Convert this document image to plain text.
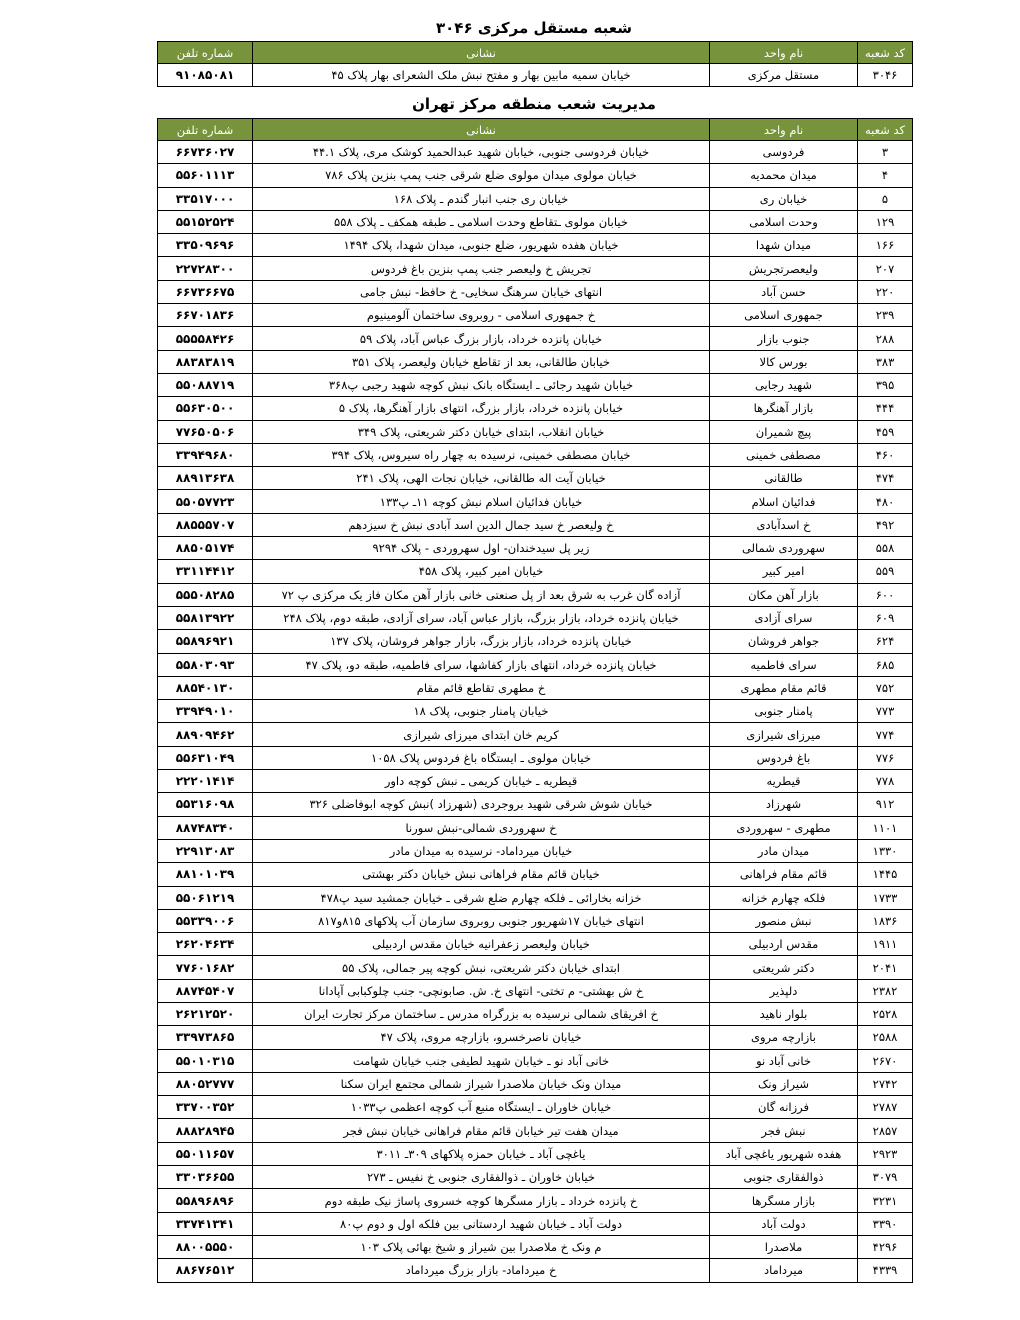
شعبه مستقل مرکزی ۳۰۴۶
کد شعبه	نام واحد	نشانی	شماره تلفن
۳۰۴۶	مستقل مرکزی	خیابان سمیه مابین بهار و مفتح نبش ملک الشعرای بهار پلاک ۴۵	۹۱۰۸۵۰۸۱
مدیریت شعب منطقه مرکز تهران
کد شعبه	نام واحد	نشانی	شماره تلفن
۳	فردوسی	خیابان فردوسی جنوبی، خیابان شهید عبدالحمید کوشک مری، پلاک ۴۴.۱	۶۶۷۳۶۰۲۷
۴	میدان محمدیه	خیابان مولوی میدان مولوی ضلع شرقی جنب پمپ بنزین پلاک ۷۸۶	۵۵۶۰۱۱۱۳
۵	خیابان ری	خیابان ری جنب انبار گندم ـ پلاک ۱۶۸	۳۳۵۱۷۰۰۰
۱۲۹	وحدت اسلامی	خیابان مولوی ـتقاطع وحدت اسلامی ـ طبقه همکف ـ پلاک ۵۵۸	۵۵۱۵۲۵۲۴
۱۶۶	میدان شهدا	خیابان هفده شهریور، ضلع جنوبی، میدان شهدا، پلاک ۱۴۹۴	۳۳۵۰۹۶۹۶
۲۰۷	ولیعصرتجریش	تجریش خ ولیعصر جنب پمپ بنزین باغ فردوس	۲۲۷۲۸۳۰۰
۲۲۰	حسن آباد	انتهای خیابان سرهنگ سخایی- خ حافظ- نبش جامی	۶۶۷۳۶۶۷۵
۲۳۹	جمهوری اسلامی	خ جمهوری اسلامی - روبروی ساختمان آلومینیوم	۶۶۷۰۱۸۳۶
۲۸۸	جنوب بازار	خیابان پانزده خرداد، بازار بزرگ عباس آباد، پلاک ۵۹	۵۵۵۵۸۴۲۶
۳۸۳	بورس کالا	خیابان طالقانی، بعد از تقاطع خیابان ولیعصر، پلاک ۳۵۱	۸۸۳۸۳۸۱۹
۳۹۵	شهید رجایی	خیابان شهید رجائی ـ ایستگاه بانک نبش کوچه شهید رجبی پ۳۶۸	۵۵۰۸۸۷۱۹
۴۴۴	بازار آهنگرها	خیابان پانزده خرداد، بازار بزرگ، انتهای بازار آهنگرها، پلاک ۵	۵۵۶۳۰۵۰۰
۴۵۹	پیچ شمیران	خیابان انقلاب، ابتدای خیابان دکتر شریعتی، پلاک ۳۴۹	۷۷۶۵۰۵۰۶
۴۶۰	مصطفی خمینی	خیابان مصطفی خمینی، نرسیده به چهار راه سیروس، پلاک ۳۹۴	۳۳۹۴۹۶۸۰
۴۷۴	طالقانی	خیابان آیت اله طالقانی، خیابان نجات الهی، پلاک ۲۴۱	۸۸۹۱۳۶۳۸
۴۸۰	فدائیان اسلام	خیابان فدائیان اسلام نبش کوچه ۱۱ـ پ۱۳۳	۵۵۰۵۷۷۲۳
۴۹۲	خ اسدآبادی	خ ولیعصر خ سید جمال الدین اسد آبادی نبش خ سیزدهم	۸۸۵۵۵۷۰۷
۵۵۸	سهروردی شمالی	زیر پل سیدخندان- اول سهروردی - پلاک ۹۲۹۴	۸۸۵۰۵۱۷۴
۵۵۹	امیر کبیر	خیابان امیر کبیر، پلاک ۴۵۸	۳۳۱۱۴۴۱۲
۶۰۰	بازار آهن مکان	آزاده گان غرب به شرق بعد از پل صنعتی خانی بازار آهن مکان فاز یک مرکزی پ ۷۲	۵۵۵۰۸۲۸۵
۶۰۹	سرای آزادی	خیابان پانزده خرداد، بازار بزرگ، بازار عباس آباد، سرای آزادی، طبقه دوم، پلاک ۲۴۸	۵۵۸۱۳۹۲۲
۶۲۴	جواهر فروشان	خیابان پانزده خرداد، بازار بزرگ، بازار جواهر فروشان، پلاک ۱۳۷	۵۵۸۹۶۹۲۱
۶۸۵	سرای فاطمیه	خیابان پانزده خرداد، انتهای بازار کفاشها، سرای فاطمیه، طبقه دو، پلاک ۴۷	۵۵۸۰۳۰۹۳
۷۵۲	قائم مقام مطهری	خ مطهری تقاطع قائم مقام	۸۸۵۴۰۱۳۰
۷۷۳	پامنار جنوبی	خیابان پامنار جنوبی، پلاک ۱۸	۳۳۹۴۹۰۱۰
۷۷۴	میرزای شیرازی	کریم خان ابتدای میرزای شیرازی	۸۸۹۰۹۴۶۲
۷۷۶	باغ فردوس	خیابان مولوی ـ ایستگاه باغ فردوس پلاک ۱۰۵۸	۵۵۶۳۱۰۴۹
۷۷۸	قیطریه	قیطریه ـ خیابان کریمی ـ نبش کوچه داور	۲۲۲۰۱۴۱۴
۹۱۲	شهرزاد	خیابان شوش شرقی شهید بروجردی (شهرزاد )نبش کوچه ابوفاضلی ۳۲۶	۵۵۳۱۶۰۹۸
۱۱۰۱	مطهری - سهروردی	خ سهروردی شمالی-نبش سورنا	۸۸۷۴۸۳۴۰
۱۳۳۰	میدان مادر	خیابان میرداماد- نرسیده به میدان مادر	۲۲۹۱۳۰۸۳
۱۴۴۵	قائم مقام فراهانی	خیابان قائم مقام فراهانی نبش خیابان دکتر بهشتی	۸۸۱۰۱۰۳۹
۱۷۳۳	فلکه چهارم خزانه	خزانه بخارائی ـ فلکه چهارم ضلع شرقی ـ خیابان جمشید سید پ۴۷۸	۵۵۰۶۱۲۱۹
۱۸۳۶	نبش منصور	انتهای خیابان ۱۷شهریور جنوبی روبروی سازمان آب پلاکهای ۸۱۵و۸۱۷	۵۵۳۳۹۰۰۶
۱۹۱۱	مقدس اردبیلی	خیابان ولیعصر زعفرانیه خیابان مقدس اردبیلی	۲۶۲۰۴۶۳۴
۲۰۴۱	دکتر شریعتی	ابتدای خیابان دکتر شریعتی، نبش کوچه پیر جمالی، پلاک ۵۵	۷۷۶۰۱۶۸۲
۲۳۸۲	دلپذیر	خ ش بهشتی- م تختی- انتهای خ. ش. صابونچی- جنب چلوکبابی آپادانا	۸۸۷۴۵۴۰۷
۲۵۲۸	بلوار ناهید	خ افریقای شمالی نرسیده به بزرگراه مدرس ـ ساختمان مرکز تجارت ایران	۲۶۲۱۲۵۲۰
۲۵۸۸	بازارچه مروی	خیابان ناصرخسرو، بازارچه مروی، پلاک ۴۷	۳۳۹۷۳۸۶۵
۲۶۷۰	خانی آباد نو	خانی آباد نو ـ خیابان شهید لطیفی جنب خیابان شهامت	۵۵۰۱۰۳۱۵
۲۷۴۲	شیراز ونک	میدان ونک خیابان ملاصدرا شیراز شمالی مجتمع ایران سکنا	۸۸۰۵۲۷۷۷
۲۷۸۷	فرزانه گان	خیابان خاوران ـ ایستگاه منبع آب کوچه اعظمی پ۱۰۳۳	۳۳۷۰۰۳۵۲
۲۸۵۷	نبش فجر	میدان هفت تیر خیابان قائم مقام فراهانی خیابان نبش فجر	۸۸۸۲۸۹۴۵
۲۹۲۳	هفده شهریور یاغچی آباد	یاغچی آباد ـ خیابان حمزه پلاکهای ۳۰۹ـ ۳۰۱۱	۵۵۰۱۱۶۵۷
۳۰۷۹	ذوالفقاری جنوبی	خیابان خاوران ـ ذوالفقاری جنوبی خ نفیس ـ ۲۷۳	۳۳۰۳۶۶۵۵
۳۲۳۱	بازار مسگرها	خ پانزده خرداد ـ بازار مسگرها کوچه خسروی پاساژ نیک طبقه دوم	۵۵۸۹۶۸۹۶
۳۳۹۰	دولت آباد	دولت آباد ـ خیابان شهید اردستانی بین فلکه اول و دوم پ۸۰	۳۳۷۴۱۳۴۱
۴۲۹۶	ملاصدرا	م ونک خ ملاصدرا بین شیراز و شیخ بهائی پلاک ۱۰۳	۸۸۰۰۵۵۵۰
۴۳۳۹	میرداماد	خ میرداماد- بازار بزرگ میرداماد	۸۸۶۷۶۵۱۲
